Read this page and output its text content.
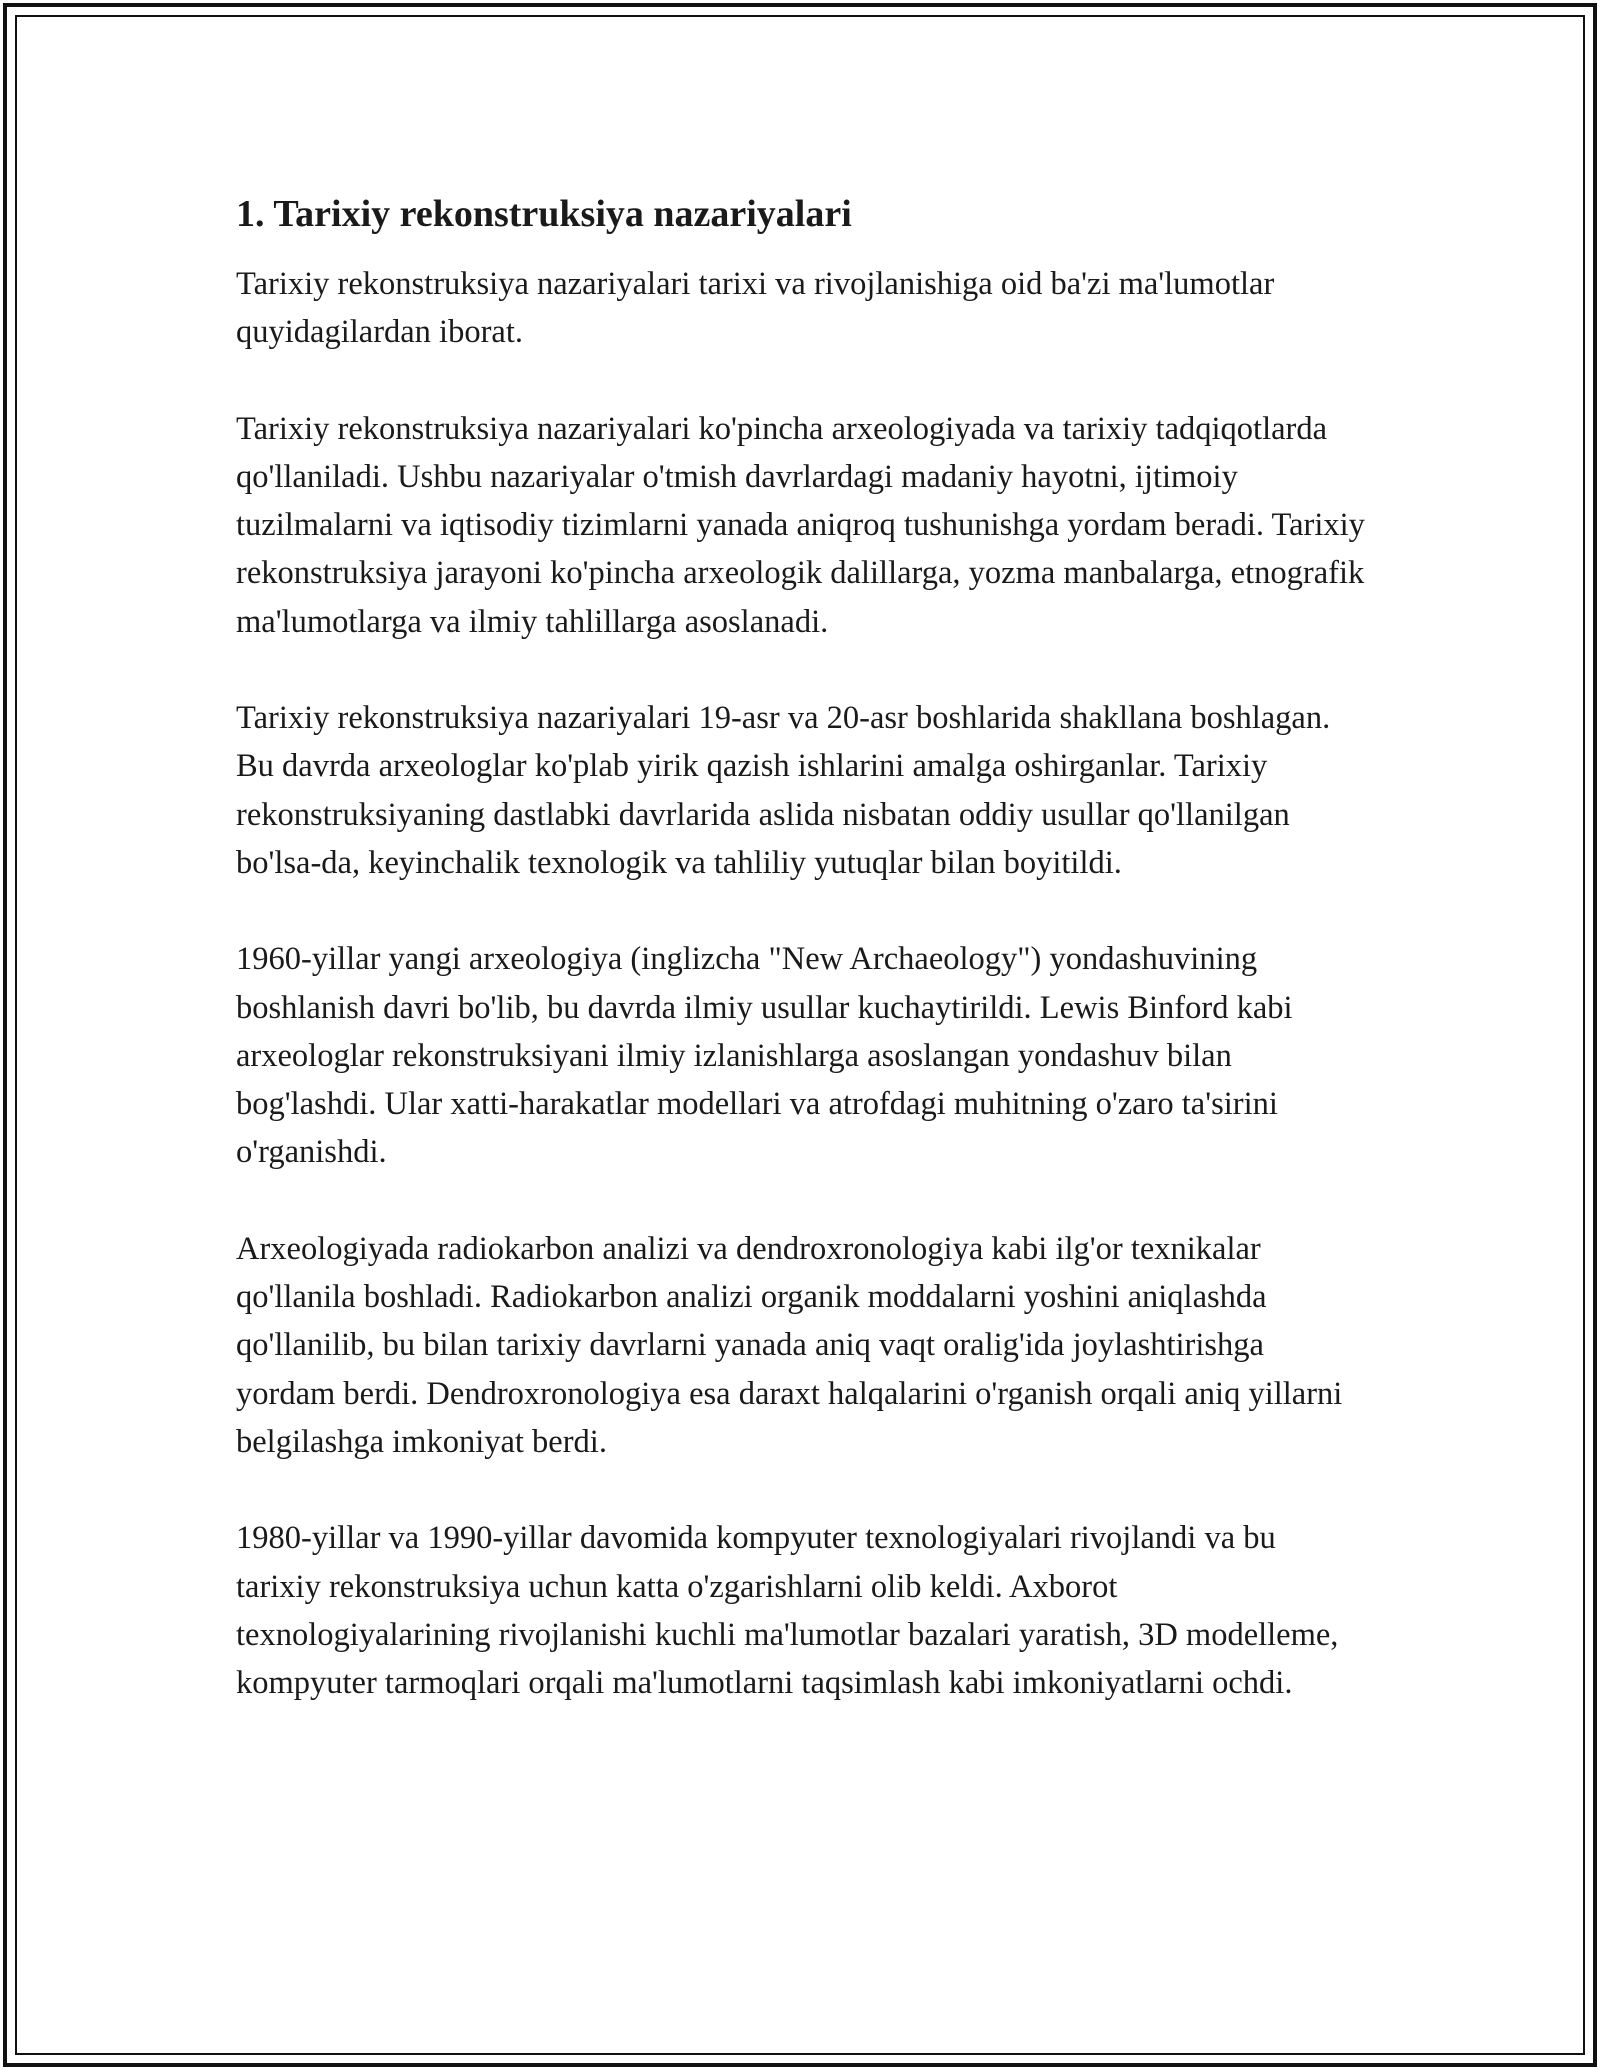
1. Tarixiy rekonstruksiya nazariyalari

Tarixiy rekonstruksiya nazariyalari tarixi va rivojlanishiga oid ba'zi ma'lumotlar quyidagilardan iborat.

Tarixiy rekonstruksiya nazariyalari ko'pincha arxeologiyada va tarixiy tadqiqotlarda qo'llaniladi. Ushbu nazariyalar o'tmish davrlardagi madaniy hayotni, ijtimoiy tuzilmalarni va iqtisodiy tizimlarni yanada aniqroq tushunishga yordam beradi. Tarixiy rekonstruksiya jarayoni ko'pincha arxeologik dalillarga, yozma manbalarga, etnografik ma'lumotlarga va ilmiy tahlillarga asoslanadi.

Tarixiy rekonstruksiya nazariyalari 19-asr va 20-asr boshlarida shakllana boshlagan. Bu davrda arxeologlar ko'plab yirik qazish ishlarini amalga oshirganlar. Tarixiy rekonstruksiyaning dastlabki davrlarida aslida nisbatan oddiy usullar qo'llanilgan bo'lsa-da, keyinchalik texnologik va tahliliy yutuqlar bilan boyitildi.

1960-yillar yangi arxeologiya (inglizcha "New Archaeology") yondashuvining boshlanish davri bo'lib, bu davrda ilmiy usullar kuchaytirildi. Lewis Binford kabi arxeologlar rekonstruksiyani ilmiy izlanishlarga asoslangan yondashuv bilan bog'lashdi. Ular xatti-harakatlar modellari va atrofdagi muhitning o'zaro ta'sirini o'rganishdi.

Arxeologiyada radiokarbon analizi va dendroxronologiya kabi ilg'or texnikalar qo'llanila boshladi. Radiokarbon analizi organik moddalarni yoshini aniqlashda qo'llanilib, bu bilan tarixiy davrlarni yanada aniq vaqt oralig'ida joylashtirishga yordam berdi. Dendroxronologiya esa daraxt halqalarini o'rganish orqali aniq yillarni belgilashga imkoniyat berdi.

1980-yillar va 1990-yillar davomida kompyuter texnologiyalari rivojlandi va bu tarixiy rekonstruksiya uchun katta o'zgarishlarni olib keldi. Axborot texnologiyalarining rivojlanishi kuchli ma'lumotlar bazalari yaratish, 3D modelleme, kompyuter tarmoqlari orqali ma'lumotlarni taqsimlash kabi imkoniyatlarni ochdi.
